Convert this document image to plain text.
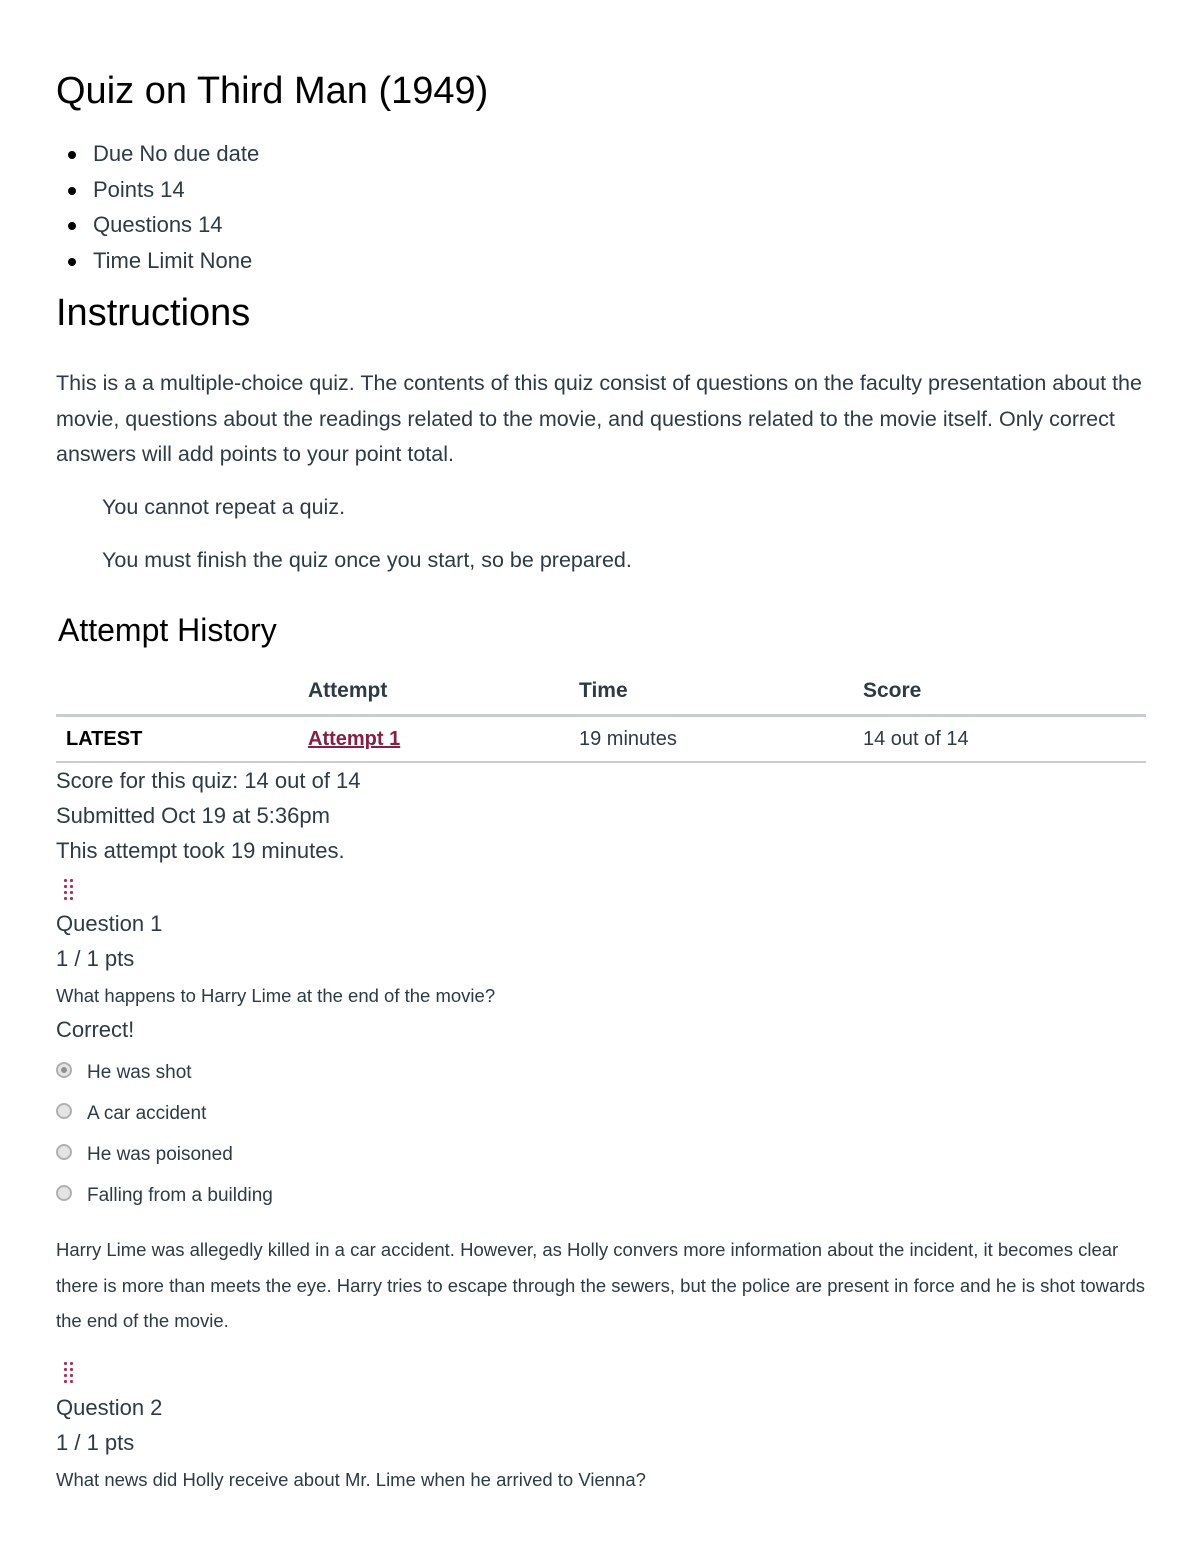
Quiz on Third Man (1949)
Due No due date
Points 14
Questions 14
Time Limit None
Instructions

This is a a multiple-choice quiz. The contents of this quiz consist of questions on the faculty presentation about the movie, questions about the readings related to the movie, and questions related to the movie itself. Only correct answers will add points to your point total.

You cannot repeat a quiz.

You must finish the quiz once you start, so be prepared.

Attempt History
	Attempt	Time	Score
LATEST	Attempt 1	19 minutes	14 out of 14

Score for this quiz: 14 out of 14

Submitted Oct 19 at 5:36pm

This attempt took 19 minutes.

Question 1

1 / 1 pts

What happens to Harry Lime at the end of the movie?

Correct!

He was shot
A car accident
He was poisoned
Falling from a building

Harry Lime was allegedly killed in a car accident. However, as Holly convers more information about the incident, it becomes clear there is more than meets the eye. Harry tries to escape through the sewers, but the police are present in force and he is shot towards the end of the movie.

Question 2

1 / 1 pts

What news did Holly receive about Mr. Lime when he arrived to Vienna?
